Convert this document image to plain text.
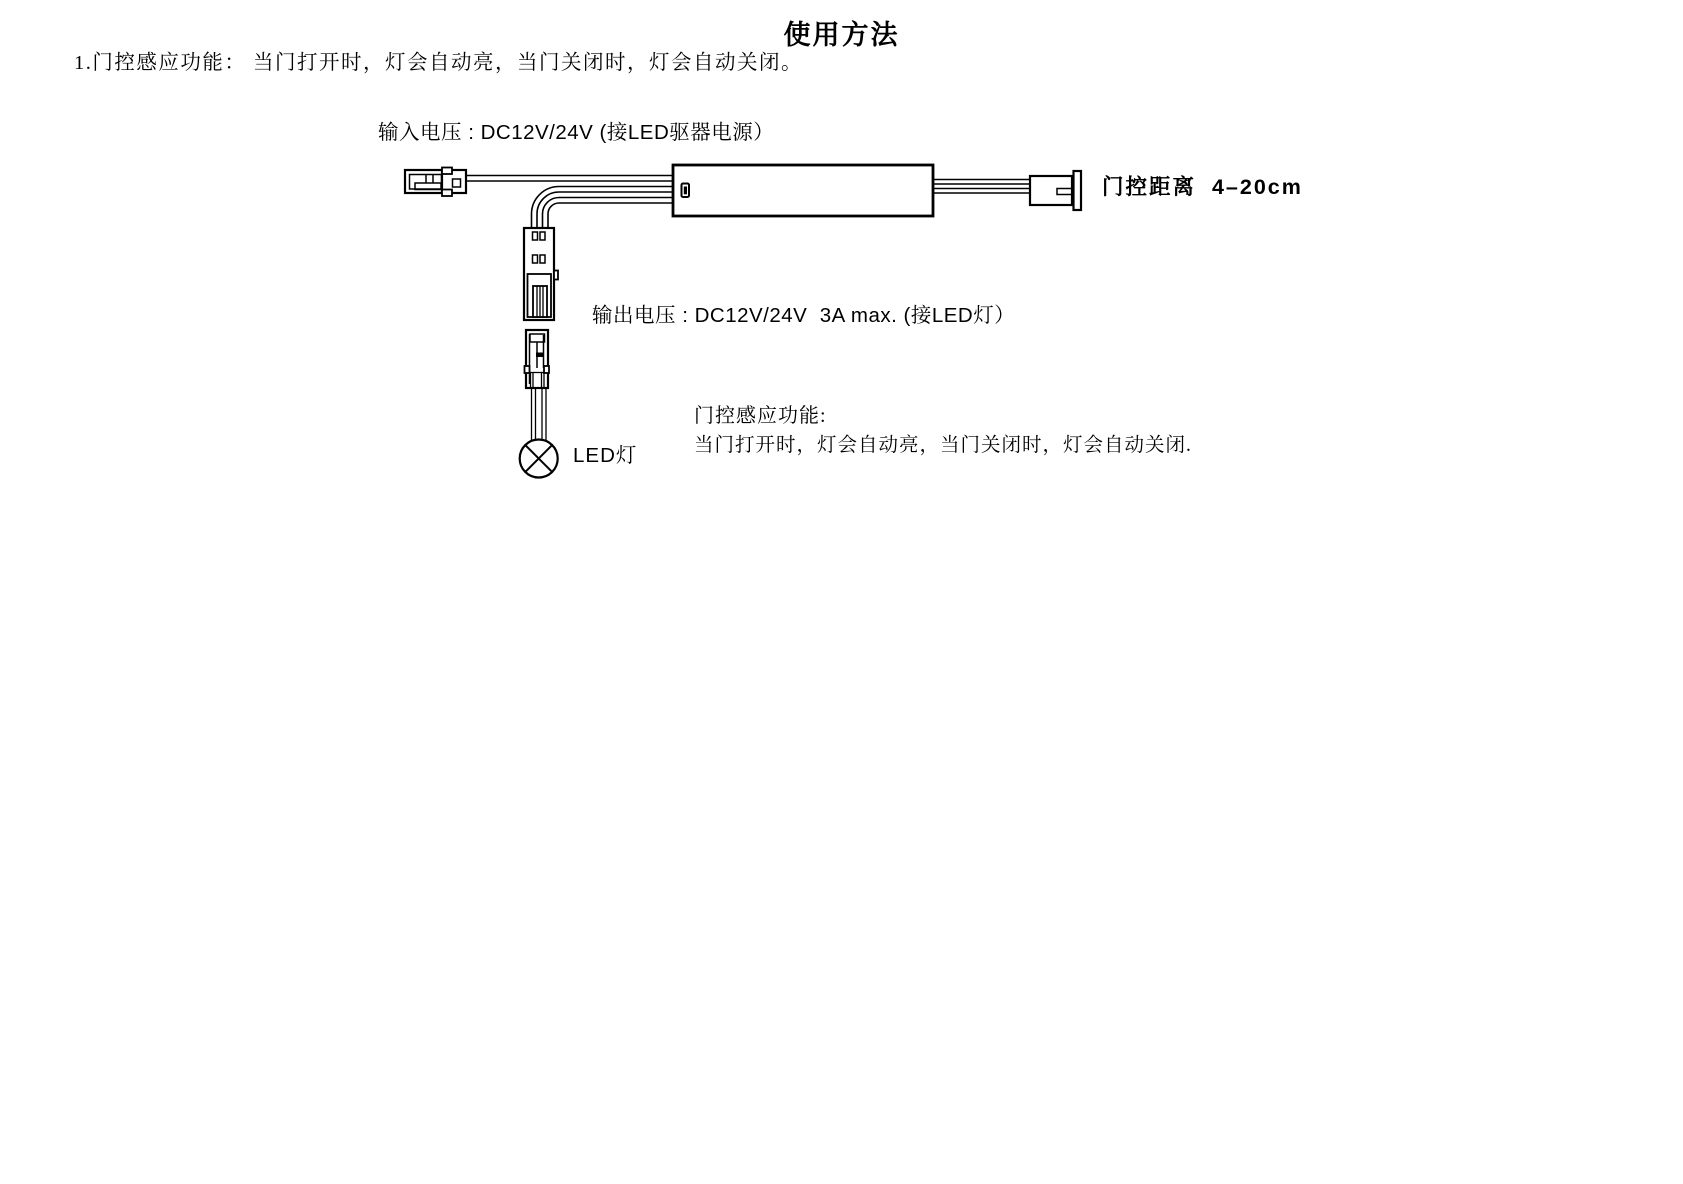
使用方法
1.门控感应功能： 当门打开时，灯会自动亮，当门关闭时，灯会自动关闭。
输入电压 : DC12V/24V (接LED驱器电源）
门控距离  4–20cm
输出电压 : DC12V/24V  3A max. (接LED灯）
LED灯
门控感应功能:
当门打开时，灯会自动亮，当门关闭时，灯会自动关闭.
